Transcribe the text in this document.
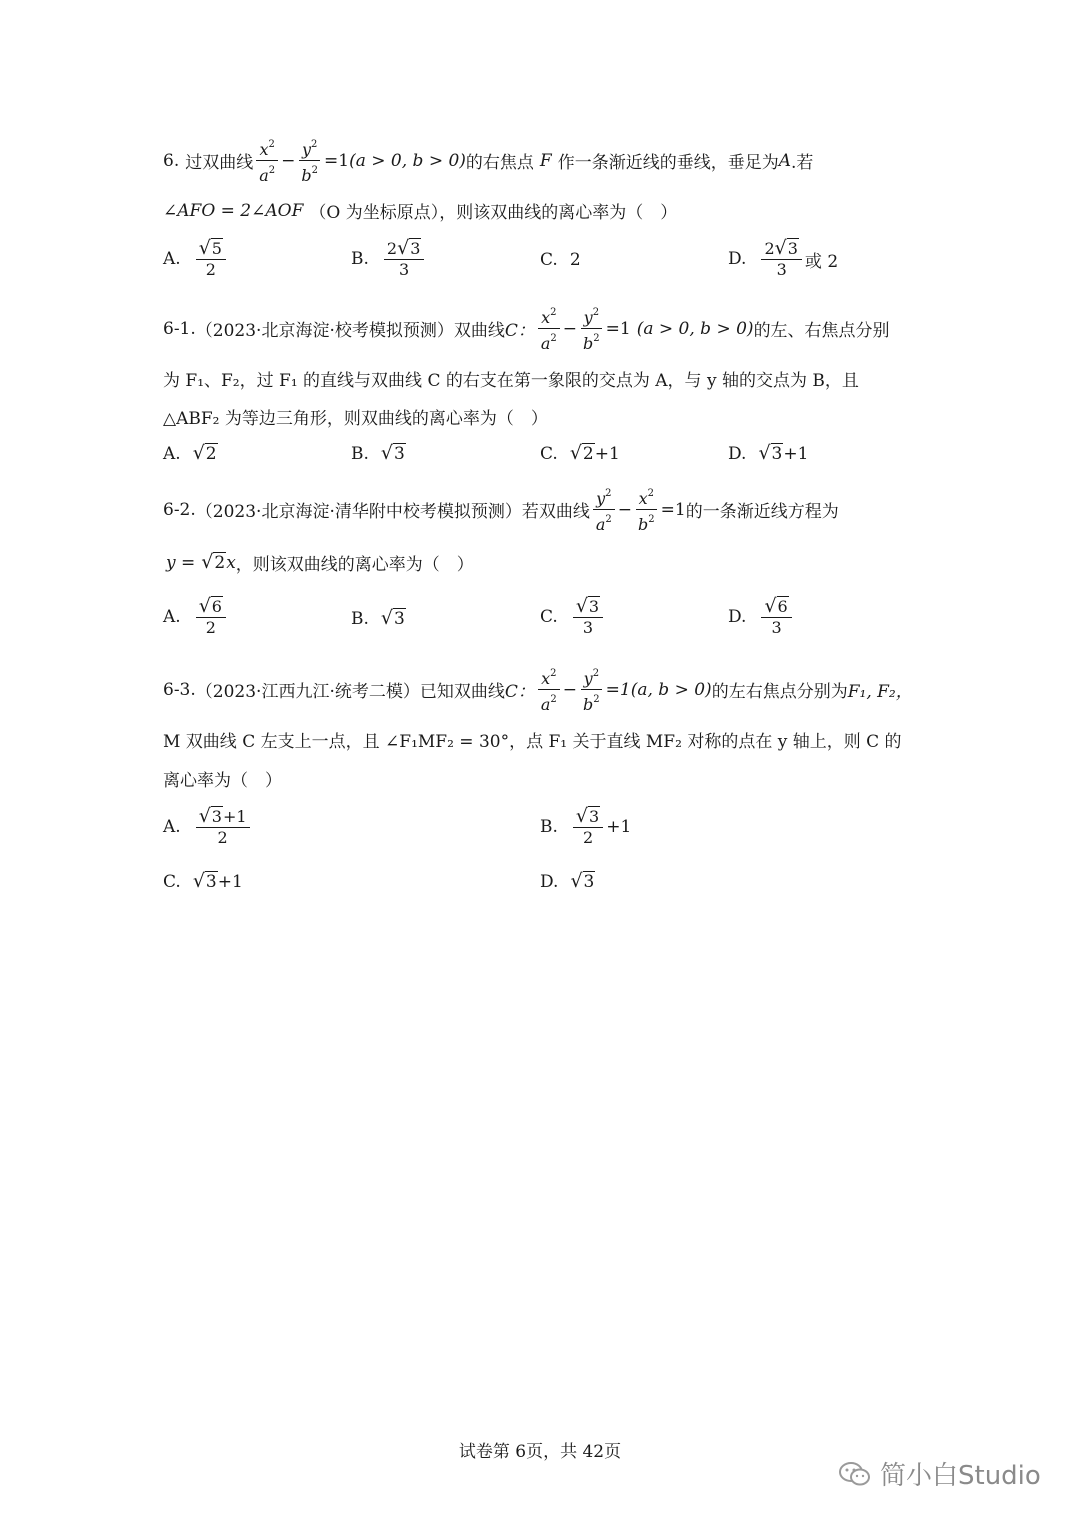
6. 过双曲线 $\frac{x^2}{a^2} - \frac{y^2}{b^2} =1$ (a > 0, b > 0) 的右焦点 F 作一条渐近线的垂线，垂足为 A .若
∠AFO = 2∠AOF （O 为坐标原点），则该双曲线的离心率为（　）
A. $\frac{√ 5}{2}$	B. $\frac{2 √ 3}{3}$	C. 2	D. $\frac{2 √ 3}{3}$ 或 2
6-1. （2023·北京海淀·校考模拟预测）双曲线 C： $\frac{x^2}{a^2} - \frac{y^2}{b^2} =1$ (a > 0, b > 0) 的左、右焦点分别
为 F₁、F₂，过 F₁ 的直线与双曲线 C 的右支在第一象限的交点为 A，与 y 轴的交点为 B，且
△ABF₂ 为等边三角形，则双曲线的离心率为（　）
A. √ 2	B. √ 3	C. √ 2 +1	D. √ 3 +1
6-2. （2023·北京海淀·清华附中校考模拟预测）若双曲线 $\frac{y^2}{a^2} - \frac{x^2}{b^2} =1$ 的一条渐近线方程为
y = √ 2 x ，则该双曲线的离心率为（　）
A. $\frac{√ 6}{2}$	B. √ 3	C. $\frac{√ 3}{3}$	D. $\frac{√ 6}{3}$
6-3. （2023·江西九江·统考二模）已知双曲线 C： $\frac{x^2}{a^2} - \frac{y^2}{b^2} =1(a$, b > 0) 的左右焦点分别为 F₁, F₂，
M 双曲线 C 左支上一点，且 ∠F₁MF₂ = 30°，点 F₁ 关于直线 MF₂ 对称的点在 y 轴上，则 C 的
离心率为（　）
A. $\frac{√ 3 +1}{2}$	B. $\frac{√ 3}{2} +1$
C. √ 3 +1	D. √ 3
试卷第 6页，共 42页
简小白Studio
